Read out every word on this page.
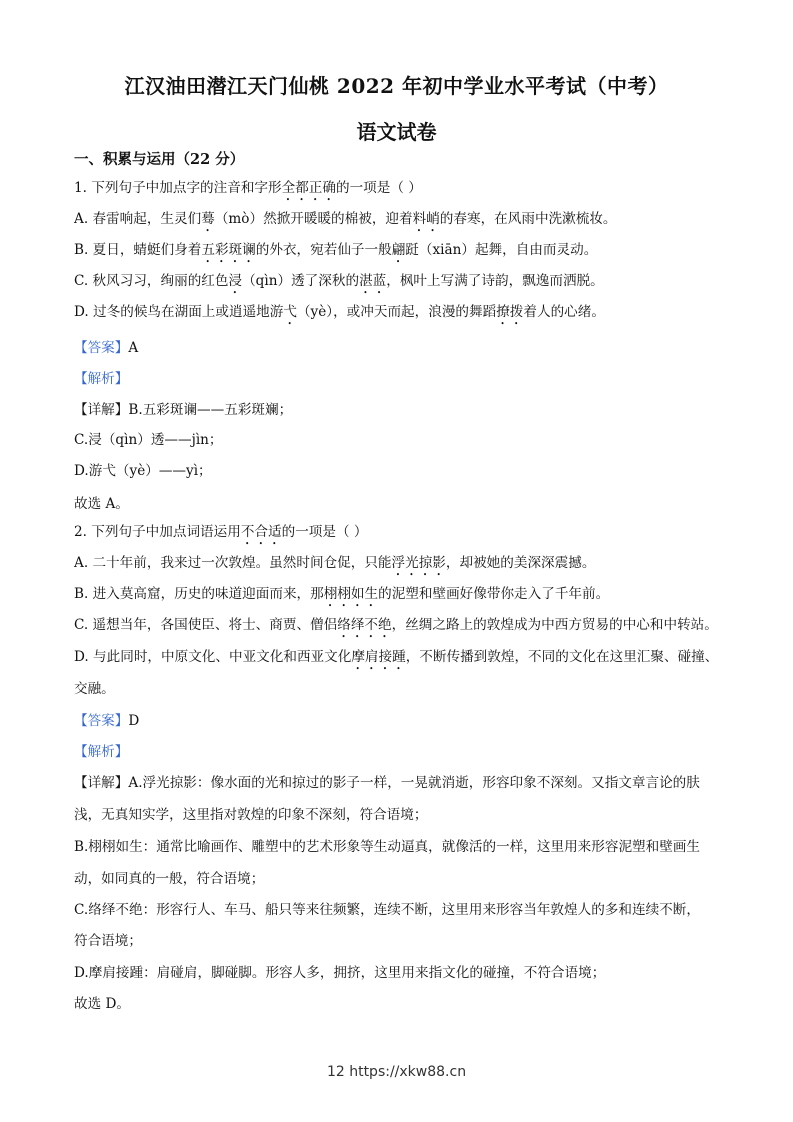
江汉油田潜江天门仙桃 2022 年初中学业水平考试（中考）
语文试卷
一、积累与运用（22 分）
1. 下列句子中加点字的注音和字形全都正确的一项是（ ）
A. 春雷响起，生灵们蓦（mò）然掀开暖暖的棉被，迎着料峭的春寒，在风雨中洗漱梳妆。
B. 夏日，蜻蜓们身着五彩斑谰的外衣，宛若仙子一般翩跹（xiān）起舞，自由而灵动。
C. 秋风习习，绚丽的红色浸（qìn）透了深秋的湛蓝，枫叶上写满了诗韵，飘逸而洒脱。
D. 过冬的候鸟在湖面上或逍遥地游弋（yè），或冲天而起，浪漫的舞蹈撩拨着人的心绪。
【答案】A
【解析】
【详解】B.五彩斑谰——五彩斑斓；
C.浸（qìn）透——jìn；
D.游弋（yè）——yì；
故选 A。
2. 下列句子中加点词语运用不合适的一项是（ ）
A. 二十年前，我来过一次敦煌。虽然时间仓促，只能浮光掠影，却被她的美深深震撼。
B. 进入莫高窟，历史的味道迎面而来，那栩栩如生的泥塑和壁画好像带你走入了千年前。
C. 遥想当年，各国使臣、将士、商贾、僧侣络绎不绝，丝绸之路上的敦煌成为中西方贸易的中心和中转站。
D. 与此同时，中原文化、中亚文化和西亚文化摩肩接踵，不断传播到敦煌，不同的文化在这里汇聚、碰撞、
交融。
【答案】D
【解析】
【详解】A.浮光掠影：像水面的光和掠过的影子一样，一晃就消逝，形容印象不深刻。又指文章言论的肤
浅，无真知实学，这里指对敦煌的印象不深刻，符合语境；
B.栩栩如生：通常比喻画作、雕塑中的艺术形象等生动逼真，就像活的一样，这里用来形容泥塑和壁画生
动，如同真的一般，符合语境；
C.络绎不绝：形容行人、车马、船只等来往频繁，连续不断，这里用来形容当年敦煌人的多和连续不断，
符合语境；
D.摩肩接踵：肩碰肩，脚碰脚。形容人多，拥挤，这里用来指文化的碰撞，不符合语境；
故选 D。
12 https://xkw88.cn
